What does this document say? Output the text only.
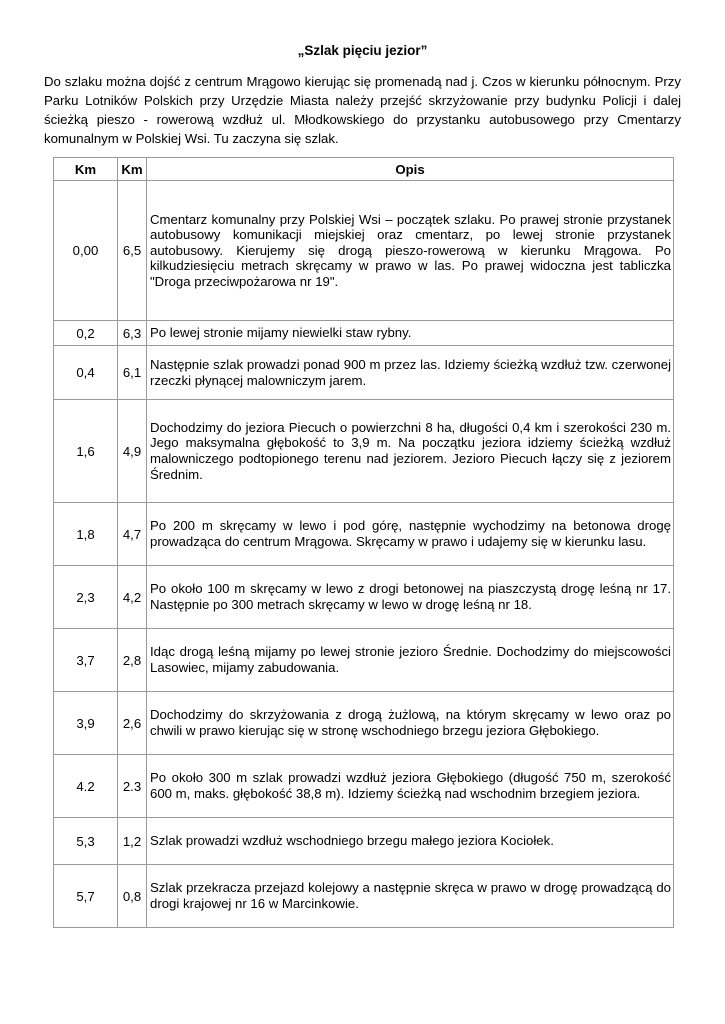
„Szlak pięciu jezior”
Do szlaku można dojść z centrum Mrągowo kierując się promenadą nad j. Czos w kierunku północnym. Przy Parku Lotników Polskich przy Urzędzie Miasta należy przejść skrzyżowanie przy budynku Policji i dalej ścieżką pieszo - rowerową wzdłuż ul. Młodkowskiego do przystanku autobusowego przy Cmentarzy komunalnym w Polskiej Wsi. Tu zaczyna się szlak.
Km	Km	Opis
0,00	6,5	Cmentarz komunalny przy Polskiej Wsi – początek szlaku. Po prawej stronie przystanek autobusowy komunikacji miejskiej oraz cmentarz, po lewej stronie przystanek autobusowy. Kierujemy się drogą pieszo-rowerową w kierunku Mrągowa. Po kilkudziesięciu metrach skręcamy w prawo w las. Po prawej widoczna jest tabliczka "Droga przeciwpożarowa nr 19".
0,2	6,3	Po lewej stronie mijamy niewielki staw rybny.
0,4	6,1	Następnie szlak prowadzi ponad 900 m przez las. Idziemy ścieżką wzdłuż tzw. czerwonej rzeczki płynącej malowniczym jarem.
1,6	4,9	Dochodzimy do jeziora Piecuch o powierzchni 8 ha, długości 0,4 km i szerokości 230 m. Jego maksymalna głębokość to 3,9 m. Na początku jeziora idziemy ścieżką wzdłuż malowniczego podtopionego terenu nad jeziorem. Jezioro Piecuch łączy się z jeziorem Średnim.
1,8	4,7	Po 200 m skręcamy w lewo i pod górę, następnie wychodzimy na betonowa drogę prowadząca do centrum Mrągowa. Skręcamy w prawo i udajemy się w kierunku lasu.
2,3	4,2	Po około 100 m skręcamy w lewo z drogi betonowej na piaszczystą drogę leśną nr 17. Następnie po 300 metrach skręcamy w lewo w drogę leśną nr 18.
3,7	2,8	Idąc drogą leśną mijamy po lewej stronie jezioro Średnie. Dochodzimy do miejscowości Lasowiec, mijamy zabudowania.
3,9	2,6	Dochodzimy do skrzyżowania z drogą żużlową, na którym skręcamy w lewo oraz po chwili w prawo kierując się w stronę wschodniego brzegu jeziora Głębokiego.
4.2	2.3	Po około 300 m szlak prowadzi wzdłuż jeziora Głębokiego (długość 750 m, szerokość 600 m, maks. głębokość 38,8 m). Idziemy ścieżką nad wschodnim brzegiem jeziora.
5,3	1,2	Szlak prowadzi wzdłuż wschodniego brzegu małego jeziora Kociołek.
5,7	0,8	Szlak przekracza przejazd kolejowy a następnie skręca w prawo w drogę prowadzącą do drogi krajowej nr 16 w Marcinkowie.
